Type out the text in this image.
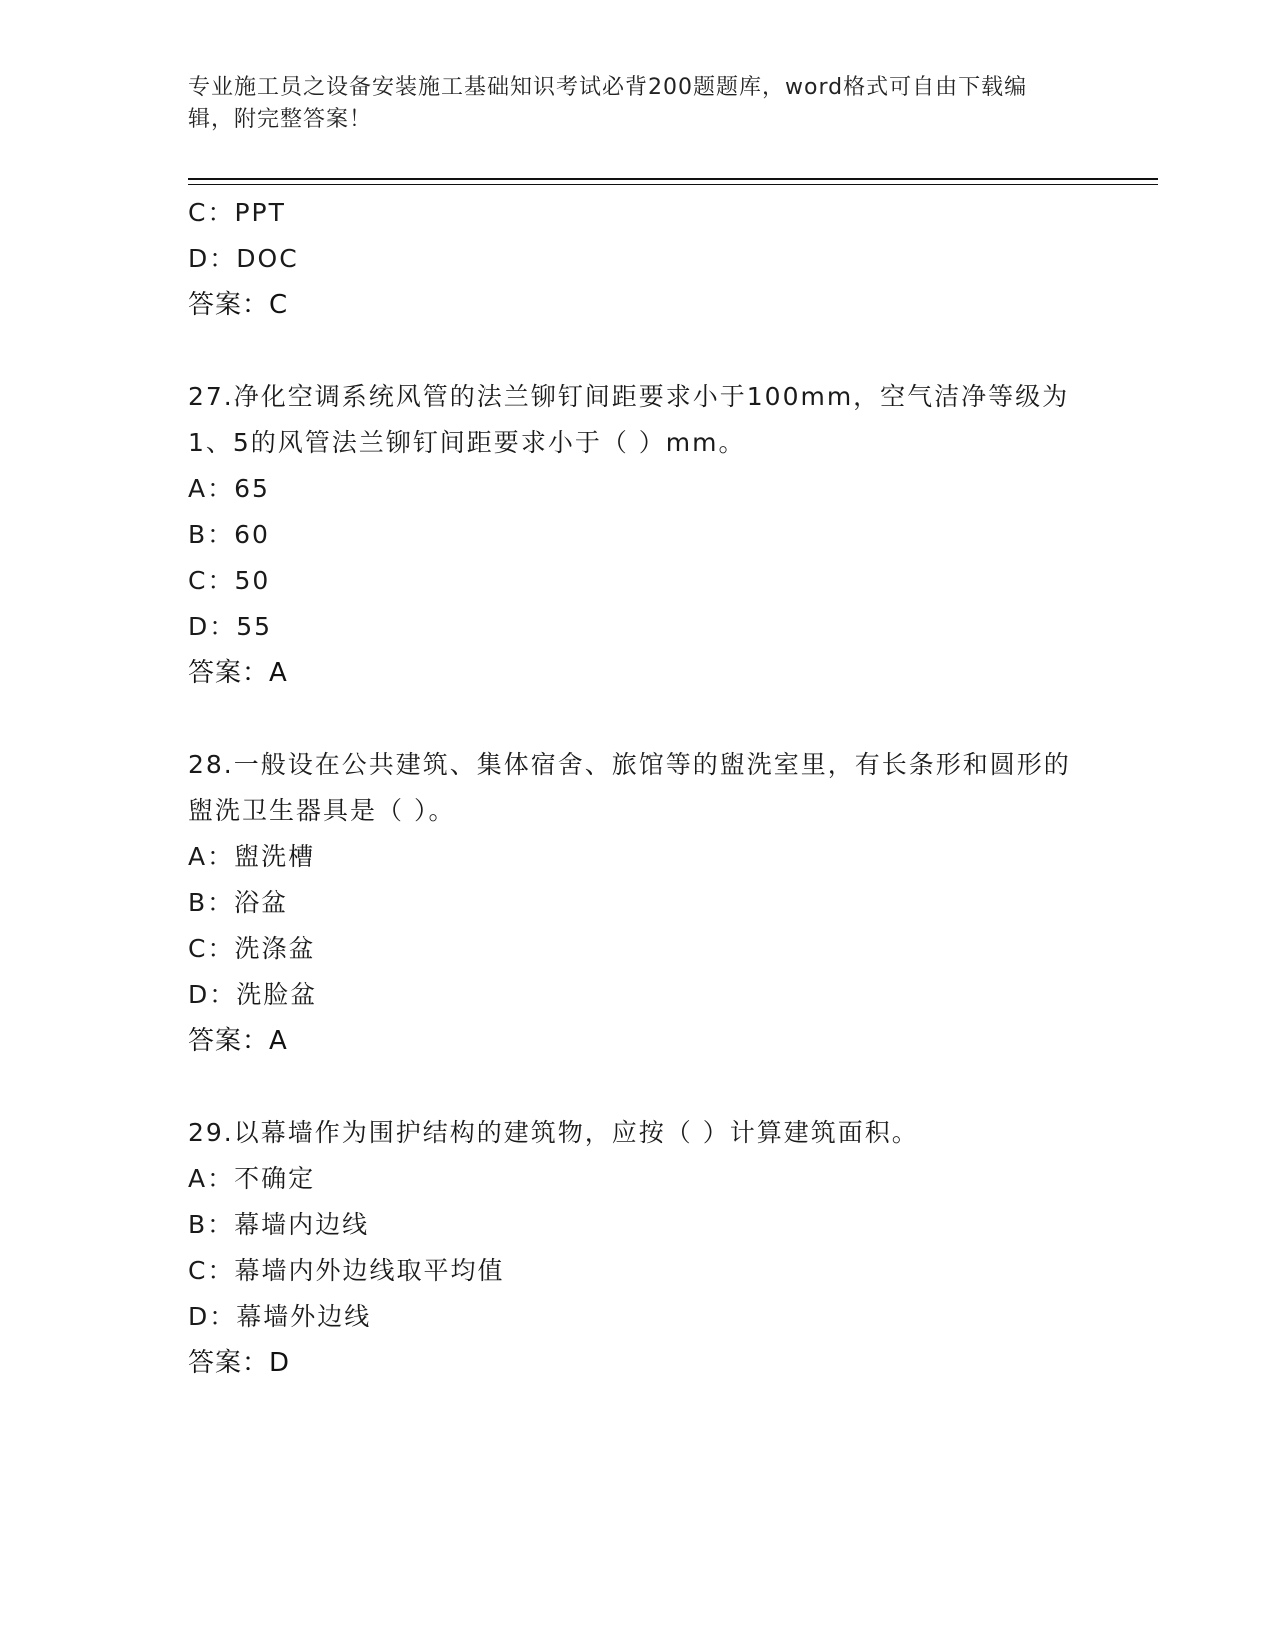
专业施工员之设备安装施工基础知识考试必背200题题库，word格式可自由下载编辑，附完整答案！
C：PPT
D：DOC
答案：C
27.净化空调系统风管的法兰铆钉间距要求小于100mm，空气洁净等级为1、5的风管法兰铆钉间距要求小于（ ）mm。
A：65
B：60
C：50
D：55
答案：A
28.一般设在公共建筑、集体宿舍、旅馆等的盥洗室里，有长条形和圆形的盥洗卫生器具是（ ）。
A：盥洗槽
B：浴盆
C：洗涤盆
D：洗脸盆
答案：A
29.以幕墙作为围护结构的建筑物，应按（ ）计算建筑面积。
A：不确定
B：幕墙内边线
C：幕墙内外边线取平均值
D：幕墙外边线
答案：D
